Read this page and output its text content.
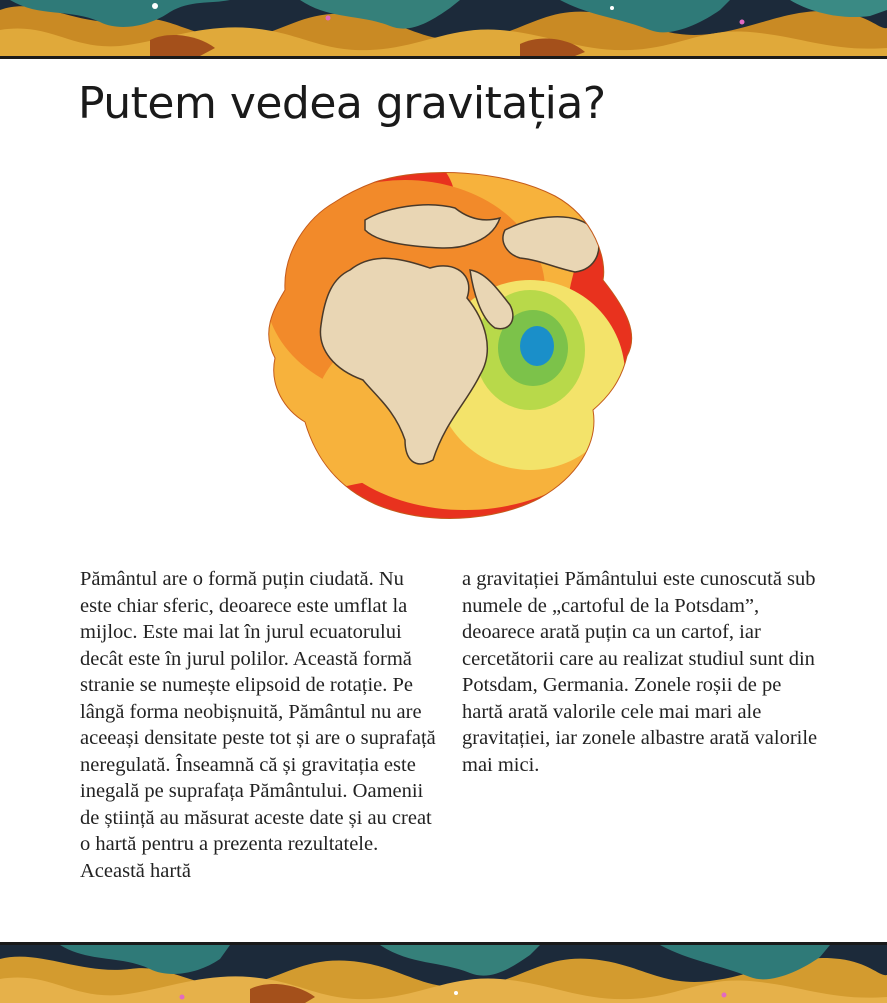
Putem vedea gravitația?

Pământul are o formă puțin ciudată. Nu este chiar sferic, deoarece este umflat la mijloc. Este mai lat în jurul ecuatorului decât este în jurul polilor. Această formă stranie se numește elipsoid de rotație. Pe lângă forma neobișnuită, Pământul nu are aceeași densitate peste tot și are o suprafață neregulată. Înseamnă că și gravitația este inegală pe suprafața Pământului. Oamenii de știință au măsurat aceste date și au creat o hartă pentru a prezenta rezultatele. Această hartă

a gravitației Pământului este cunoscută sub numele de „cartoful de la Potsdam”, deoarece arată puțin ca un cartof, iar cercetătorii care au realizat studiul sunt din Potsdam, Germania. Zonele roșii de pe hartă arată valorile cele mai mari ale gravitației, iar zonele albastre arată valorile mai mici.
